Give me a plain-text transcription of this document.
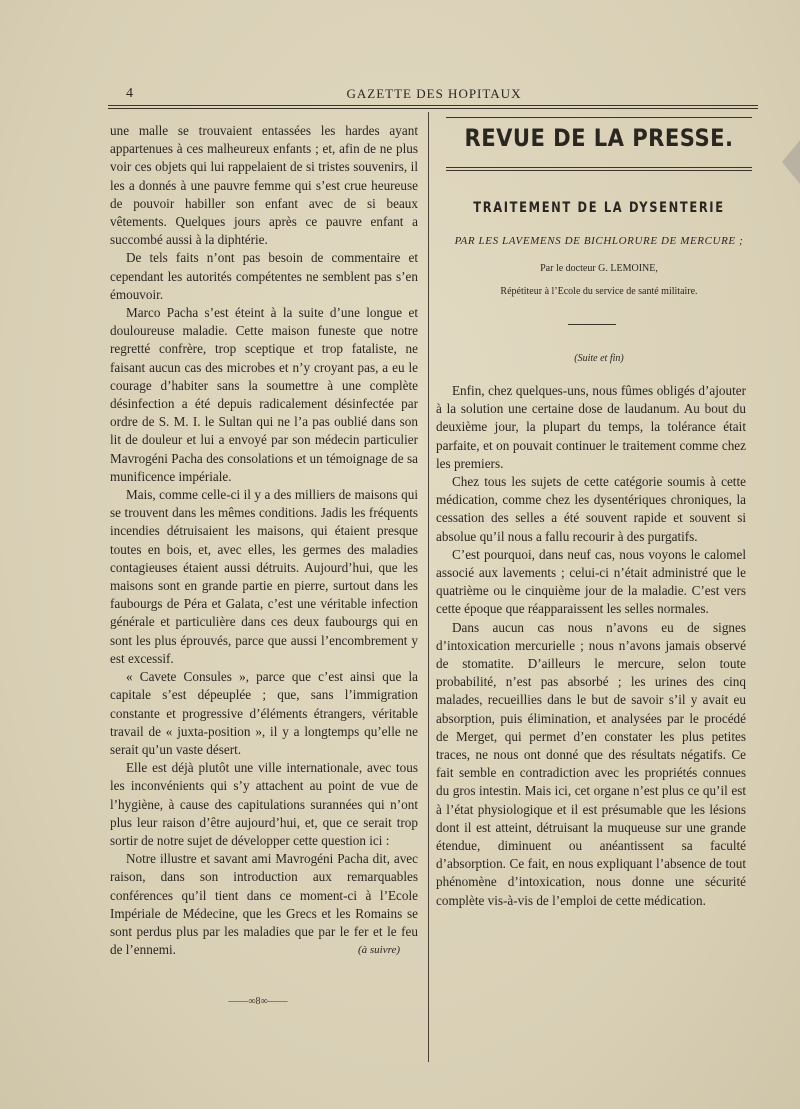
4	GAZETTE DES HOPITAUX

une malle se trouvaient entassées les hardes ayant appartenues à ces malheureux enfants ; et, afin de ne plus voir ces objets qui lui rappelaient de si tristes souvenirs, il les a donnés à une pauvre femme qui s’est crue heureuse de pouvoir habiller son enfant avec de si beaux vêtements. Quelques jours après ce pauvre enfant a succombé aussi à la diphtérie.

De tels faits n’ont pas besoin de commentaire et cependant les autorités compétentes ne semblent pas s’en émouvoir.

Marco Pacha s’est éteint à la suite d’une longue et douloureuse maladie. Cette maison funeste que notre regretté confrère, trop sceptique et trop fataliste, ne faisant aucun cas des microbes et n’y croyant pas, a eu le courage d’habiter sans la soumettre à une complète désinfection a été depuis radicalement désinfectée par ordre de S. M. I. le Sultan qui ne l’a pas oublié dans son lit de douleur et lui a envoyé par son médecin particulier Mavrogéni Pacha des consolations et un témoignage de sa munificence impériale.

Mais, comme celle-ci il y a des milliers de maisons qui se trouvent dans les mêmes conditions. Jadis les fréquents incendies détruisaient les maisons, qui étaient presque toutes en bois, et, avec elles, les germes des maladies contagieuses étaient aussi détruits. Aujourd’hui, que les maisons sont en grande partie en pierre, surtout dans les faubourgs de Péra et Galata, c’est une véritable infection générale et particulière dans ces deux faubourgs qui en sont les plus éprouvés, parce que aussi l’encombrement y est excessif.

« Cavete Consules », parce que c’est ainsi que la capitale s’est dépeuplée ; que, sans l’immigration constante et progressive d’éléments étrangers, véritable travail de « juxta-position », il y a longtemps qu’elle ne serait qu’un vaste désert.

Elle est déjà plutôt une ville internationale, avec tous les inconvénients qui s’y attachent au point de vue de l’hygiène, à cause des capitulations surannées qui n’ont plus leur raison d’être aujourd’hui, et, que ce serait trop sortir de notre sujet de développer cette question ici :

Notre illustre et savant ami Mavrogéni Pacha dit, avec raison, dans son introduction aux remarquables conférences qu’il tient dans ce moment-ci à l’Ecole Impériale de Médecine, que les Grecs et les Romains se sont perdus plus par les maladies que par le fer et le feu de l’ennemi.	(à suivre)
——∞8∞——
REVUE DE LA PRESSE.
TRAITEMENT DE LA DYSENTERIE
PAR LES LAVEMENS DE BICHLORURE DE MERCURE ;
Par le docteur G. LEMOINE,
Répétiteur à l’Ecole du service de santé militaire.
(Suite et fin)

Enfin, chez quelques-uns, nous fûmes obligés d’ajouter à la solution une certaine dose de laudanum. Au bout du deuxième jour, la plupart du temps, la tolérance était parfaite, et on pouvait continuer le traitement comme chez les premiers.

Chez tous les sujets de cette catégorie soumis à cette médication, comme chez les dysentériques chroniques, la cessation des selles a été souvent rapide et souvent si absolue qu’il nous a fallu recourir à des purgatifs.

C’est pourquoi, dans neuf cas, nous voyons le calomel associé aux lavements ; celui-ci n’était administré que le quatrième ou le cinquième jour de la maladie. C’est vers cette époque que réapparaissent les selles normales.

Dans aucun cas nous n’avons eu de signes d’intoxication mercurielle ; nous n’avons jamais observé de stomatite. D’ailleurs le mercure, selon toute probabilité, n’est pas absorbé ; les urines des cinq malades, recueillies dans le but de savoir s’il y avait eu absorption, puis élimination, et analysées par le procédé de Merget, qui permet d’en constater les plus petites traces, ne nous ont donné que des résultats négatifs. Ce fait semble en contradiction avec les propriétés connues du gros intestin. Mais ici, cet organe n’est plus ce qu’il est à l’état physiologique et il est présumable que les lésions dont il est atteint, détruisant la muqueuse sur une grande étendue, diminuent ou anéantissent sa faculté d’absorption. Ce fait, en nous expliquant l’absence de tout phénomène d’intoxication, nous donne une sécurité complète vis-à-vis de l’emploi de cette médication.
